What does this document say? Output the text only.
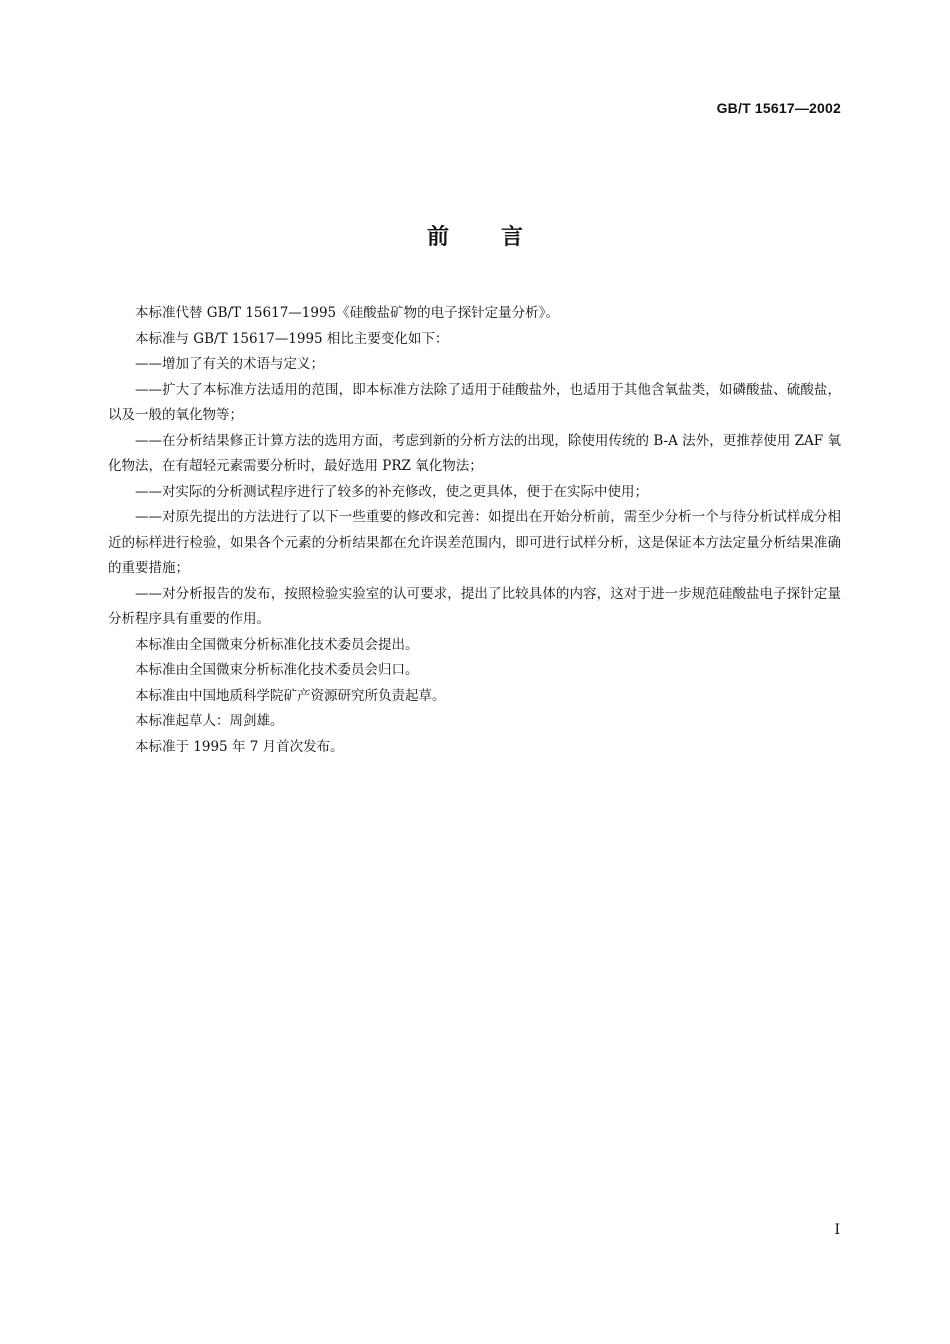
GB/T 15617—2002
前言

本标准代替 GB/T 15617—1995《硅酸盐矿物的电子探针定量分析》。

本标准与 GB/T 15617—1995 相比主要变化如下：

——增加了有关的术语与定义；

——扩大了本标准方法适用的范围，即本标准方法除了适用于硅酸盐外，也适用于其他含氧盐类，如磷酸盐、硫酸盐，以及一般的氧化物等；

——在分析结果修正计算方法的选用方面，考虑到新的分析方法的出现，除使用传统的 B-A 法外，更推荐使用 ZAF 氧化物法，在有超轻元素需要分析时，最好选用 PRZ 氧化物法；

——对实际的分析测试程序进行了较多的补充修改，使之更具体，便于在实际中使用；

——对原先提出的方法进行了以下一些重要的修改和完善：如提出在开始分析前，需至少分析一个与待分析试样成分相近的标样进行检验，如果各个元素的分析结果都在允许误差范围内，即可进行试样分析，这是保证本方法定量分析结果准确的重要措施；

——对分析报告的发布，按照检验实验室的认可要求，提出了比较具体的内容，这对于进一步规范硅酸盐电子探针定量分析程序具有重要的作用。

本标准由全国微束分析标准化技术委员会提出。

本标准由全国微束分析标准化技术委员会归口。

本标准由中国地质科学院矿产资源研究所负责起草。

本标准起草人：周剑雄。

本标准于 1995 年 7 月首次发布。

I
